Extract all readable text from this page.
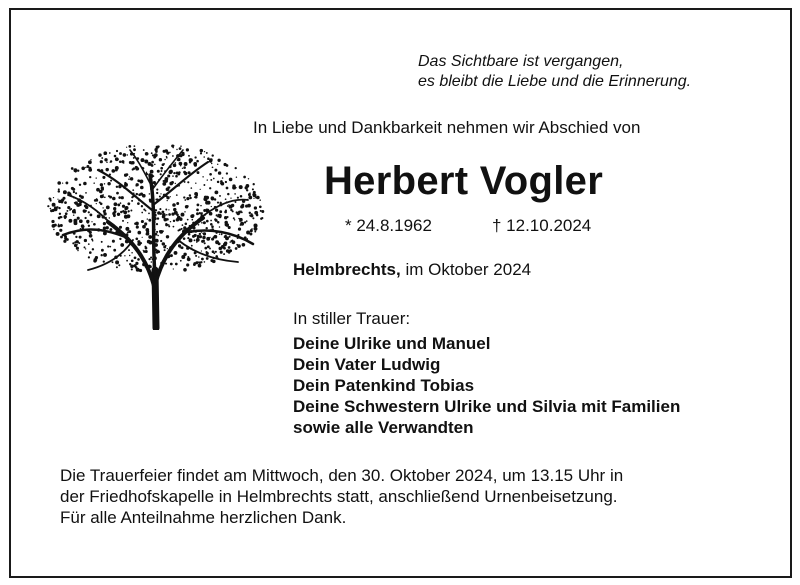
Das Sichtbare ist vergangen,
es bleibt die Liebe und die Erinnerung.
In Liebe und Dankbarkeit nehmen wir Abschied von
Herbert Vogler
* 24.8.1962	† 12.10.2024
Helmbrechts, im Oktober 2024
In stiller Trauer:
Deine Ulrike und Manuel
Dein Vater Ludwig
Dein Patenkind Tobias
Deine Schwestern Ulrike und Silvia mit Familien
sowie alle Verwandten
Die Trauerfeier findet am Mittwoch, den 30. Oktober 2024, um 13.15 Uhr in
der Friedhofskapelle in Helmbrechts statt, anschließend Urnenbeisetzung.
Für alle Anteilnahme herzlichen Dank.
